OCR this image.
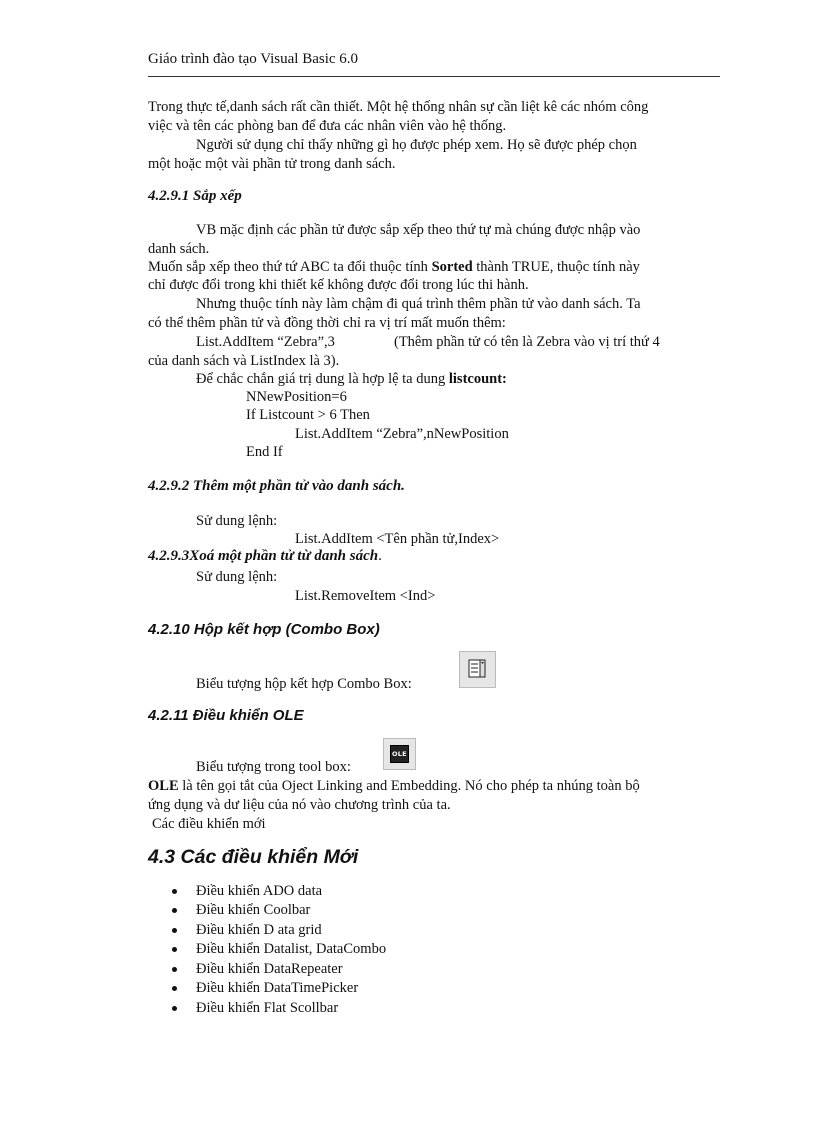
Giáo trình đào tạo Visual Basic 6.0
Trong thực tế,danh sách rất cần thiết. Một hệ thống nhân sự cần liệt kê các nhóm công
việc và tên các phòng ban để đưa các nhân viên vào hệ thống.
Người sử dụng chỉ thấy những gì họ được phép xem. Họ sẽ được phép chọn
một hoặc một vài phần tử trong danh sách.
4.2.9.1 Sắp xếp
VB mặc định các phần tử được sắp xếp theo thứ tự mà chúng được nhập vào
danh sách.
Muốn sắp xếp theo thứ tứ ABC ta đổi thuộc tính Sorted thành TRUE, thuộc tính này
chỉ được đổi trong khi thiết kế không được đổi trong lúc thi hành.
Nhưng thuộc tính này làm chậm đi quá trình thêm phần tử vào danh sách. Ta
có thể thêm phần tử và đồng thời chỉ ra vị trí mất muốn thêm:
List.AddItem “Zebra”,3	(Thêm phần tử có tên là Zebra vào vị trí thứ 4
của danh sách và ListIndex là 3).
Để chắc chắn giá trị dung là hợp lệ ta dung listcount:
NNewPosition=6
If Listcount > 6 Then
List.AddItem “Zebra”,nNewPosition
End If
4.2.9.2 Thêm một phần tử vào danh sách.
Sử dung lệnh:
List.AddItem <Tên phần tử,Index>
4.2.9.3Xoá một phần tử từ danh sách.
Sử dung lệnh:
List.RemoveItem <Ind>
4.2.10 Hộp kết hợp (Combo Box)
Biểu tượng hộp kết hợp Combo Box:
4.2.11 Điều khiển OLE
Biểu tượng trong tool box:
OLE
OLE là tên gọi tắt của Oject Linking and Embedding. Nó cho phép ta nhúng toàn bộ
ứng dụng và dư liệu của nó vào chương trình của ta.
Các điều khiển mới
4.3 Các điều khiển Mới
Điều khiển ADO data
Điều khiển Coolbar
Điều khiển D ata grid
Điều khiển Datalist, DataCombo
Điều khiển DataRepeater
Điều khiển DataTimePicker
Điều khiển Flat Scollbar
